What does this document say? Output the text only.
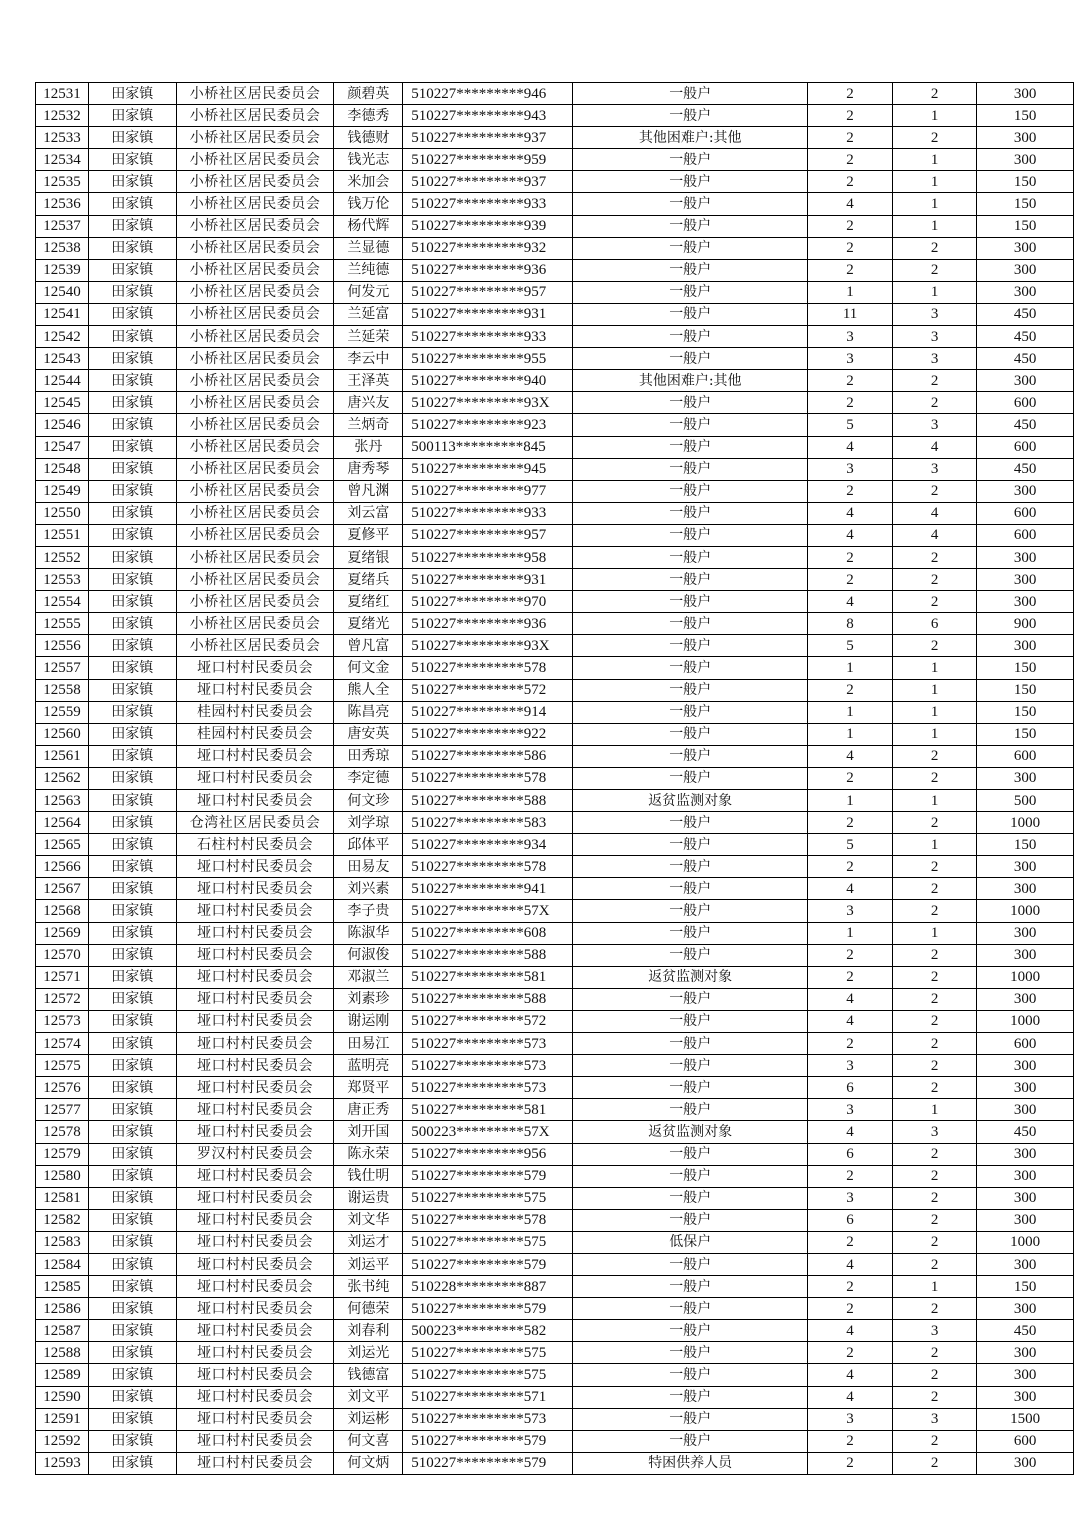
12531	田家镇	小桥社区居民委员会	颜碧英	510227*********946	一般户	2	2	300
12532	田家镇	小桥社区居民委员会	李德秀	510227*********943	一般户	2	1	150
12533	田家镇	小桥社区居民委员会	钱德财	510227*********937	其他困难户:其他	2	2	300
12534	田家镇	小桥社区居民委员会	钱光志	510227*********959	一般户	2	1	300
12535	田家镇	小桥社区居民委员会	米加会	510227*********937	一般户	2	1	150
12536	田家镇	小桥社区居民委员会	钱万伦	510227*********933	一般户	4	1	150
12537	田家镇	小桥社区居民委员会	杨代辉	510227*********939	一般户	2	1	150
12538	田家镇	小桥社区居民委员会	兰显德	510227*********932	一般户	2	2	300
12539	田家镇	小桥社区居民委员会	兰纯德	510227*********936	一般户	2	2	300
12540	田家镇	小桥社区居民委员会	何发元	510227*********957	一般户	1	1	300
12541	田家镇	小桥社区居民委员会	兰延富	510227*********931	一般户	11	3	450
12542	田家镇	小桥社区居民委员会	兰延荣	510227*********933	一般户	3	3	450
12543	田家镇	小桥社区居民委员会	李云中	510227*********955	一般户	3	3	450
12544	田家镇	小桥社区居民委员会	王泽英	510227*********940	其他困难户:其他	2	2	300
12545	田家镇	小桥社区居民委员会	唐兴友	510227*********93X	一般户	2	2	600
12546	田家镇	小桥社区居民委员会	兰炳奇	510227*********923	一般户	5	3	450
12547	田家镇	小桥社区居民委员会	张丹	500113*********845	一般户	4	4	600
12548	田家镇	小桥社区居民委员会	唐秀琴	510227*********945	一般户	3	3	450
12549	田家镇	小桥社区居民委员会	曾凡渊	510227*********977	一般户	2	2	300
12550	田家镇	小桥社区居民委员会	刘云富	510227*********933	一般户	4	4	600
12551	田家镇	小桥社区居民委员会	夏修平	510227*********957	一般户	4	4	600
12552	田家镇	小桥社区居民委员会	夏绪银	510227*********958	一般户	2	2	300
12553	田家镇	小桥社区居民委员会	夏绪兵	510227*********931	一般户	2	2	300
12554	田家镇	小桥社区居民委员会	夏绪红	510227*********970	一般户	4	2	300
12555	田家镇	小桥社区居民委员会	夏绪光	510227*********936	一般户	8	6	900
12556	田家镇	小桥社区居民委员会	曾凡富	510227*********93X	一般户	5	2	300
12557	田家镇	垭口村村民委员会	何文金	510227*********578	一般户	1	1	150
12558	田家镇	垭口村村民委员会	熊人全	510227*********572	一般户	2	1	150
12559	田家镇	桂园村村民委员会	陈昌亮	510227*********914	一般户	1	1	150
12560	田家镇	桂园村村民委员会	唐安英	510227*********922	一般户	1	1	150
12561	田家镇	垭口村村民委员会	田秀琼	510227*********586	一般户	4	2	600
12562	田家镇	垭口村村民委员会	李定德	510227*********578	一般户	2	2	300
12563	田家镇	垭口村村民委员会	何文珍	510227*********588	返贫监测对象	1	1	500
12564	田家镇	仓湾社区居民委员会	刘学琼	510227*********583	一般户	2	2	1000
12565	田家镇	石柱村村民委员会	邱体平	510227*********934	一般户	5	1	150
12566	田家镇	垭口村村民委员会	田易友	510227*********578	一般户	2	2	300
12567	田家镇	垭口村村民委员会	刘兴素	510227*********941	一般户	4	2	300
12568	田家镇	垭口村村民委员会	李子贵	510227*********57X	一般户	3	2	1000
12569	田家镇	垭口村村民委员会	陈淑华	510227*********608	一般户	1	1	300
12570	田家镇	垭口村村民委员会	何淑俊	510227*********588	一般户	2	2	300
12571	田家镇	垭口村村民委员会	邓淑兰	510227*********581	返贫监测对象	2	2	1000
12572	田家镇	垭口村村民委员会	刘素珍	510227*********588	一般户	4	2	300
12573	田家镇	垭口村村民委员会	谢运刚	510227*********572	一般户	4	2	1000
12574	田家镇	垭口村村民委员会	田易江	510227*********573	一般户	2	2	600
12575	田家镇	垭口村村民委员会	蓝明亮	510227*********573	一般户	3	2	300
12576	田家镇	垭口村村民委员会	郑贤平	510227*********573	一般户	6	2	300
12577	田家镇	垭口村村民委员会	唐正秀	510227*********581	一般户	3	1	300
12578	田家镇	垭口村村民委员会	刘开国	500223*********57X	返贫监测对象	4	3	450
12579	田家镇	罗汉村村民委员会	陈永荣	510227*********956	一般户	6	2	300
12580	田家镇	垭口村村民委员会	钱仕明	510227*********579	一般户	2	2	300
12581	田家镇	垭口村村民委员会	谢运贵	510227*********575	一般户	3	2	300
12582	田家镇	垭口村村民委员会	刘文华	510227*********578	一般户	6	2	300
12583	田家镇	垭口村村民委员会	刘运才	510227*********575	低保户	2	2	1000
12584	田家镇	垭口村村民委员会	刘运平	510227*********579	一般户	4	2	300
12585	田家镇	垭口村村民委员会	张书纯	510228*********887	一般户	2	1	150
12586	田家镇	垭口村村民委员会	何德荣	510227*********579	一般户	2	2	300
12587	田家镇	垭口村村民委员会	刘春利	500223*********582	一般户	4	3	450
12588	田家镇	垭口村村民委员会	刘运光	510227*********575	一般户	2	2	300
12589	田家镇	垭口村村民委员会	钱德富	510227*********575	一般户	4	2	300
12590	田家镇	垭口村村民委员会	刘文平	510227*********571	一般户	4	2	300
12591	田家镇	垭口村村民委员会	刘运彬	510227*********573	一般户	3	3	1500
12592	田家镇	垭口村村民委员会	何文喜	510227*********579	一般户	2	2	600
12593	田家镇	垭口村村民委员会	何文炳	510227*********579	特困供养人员	2	2	300
